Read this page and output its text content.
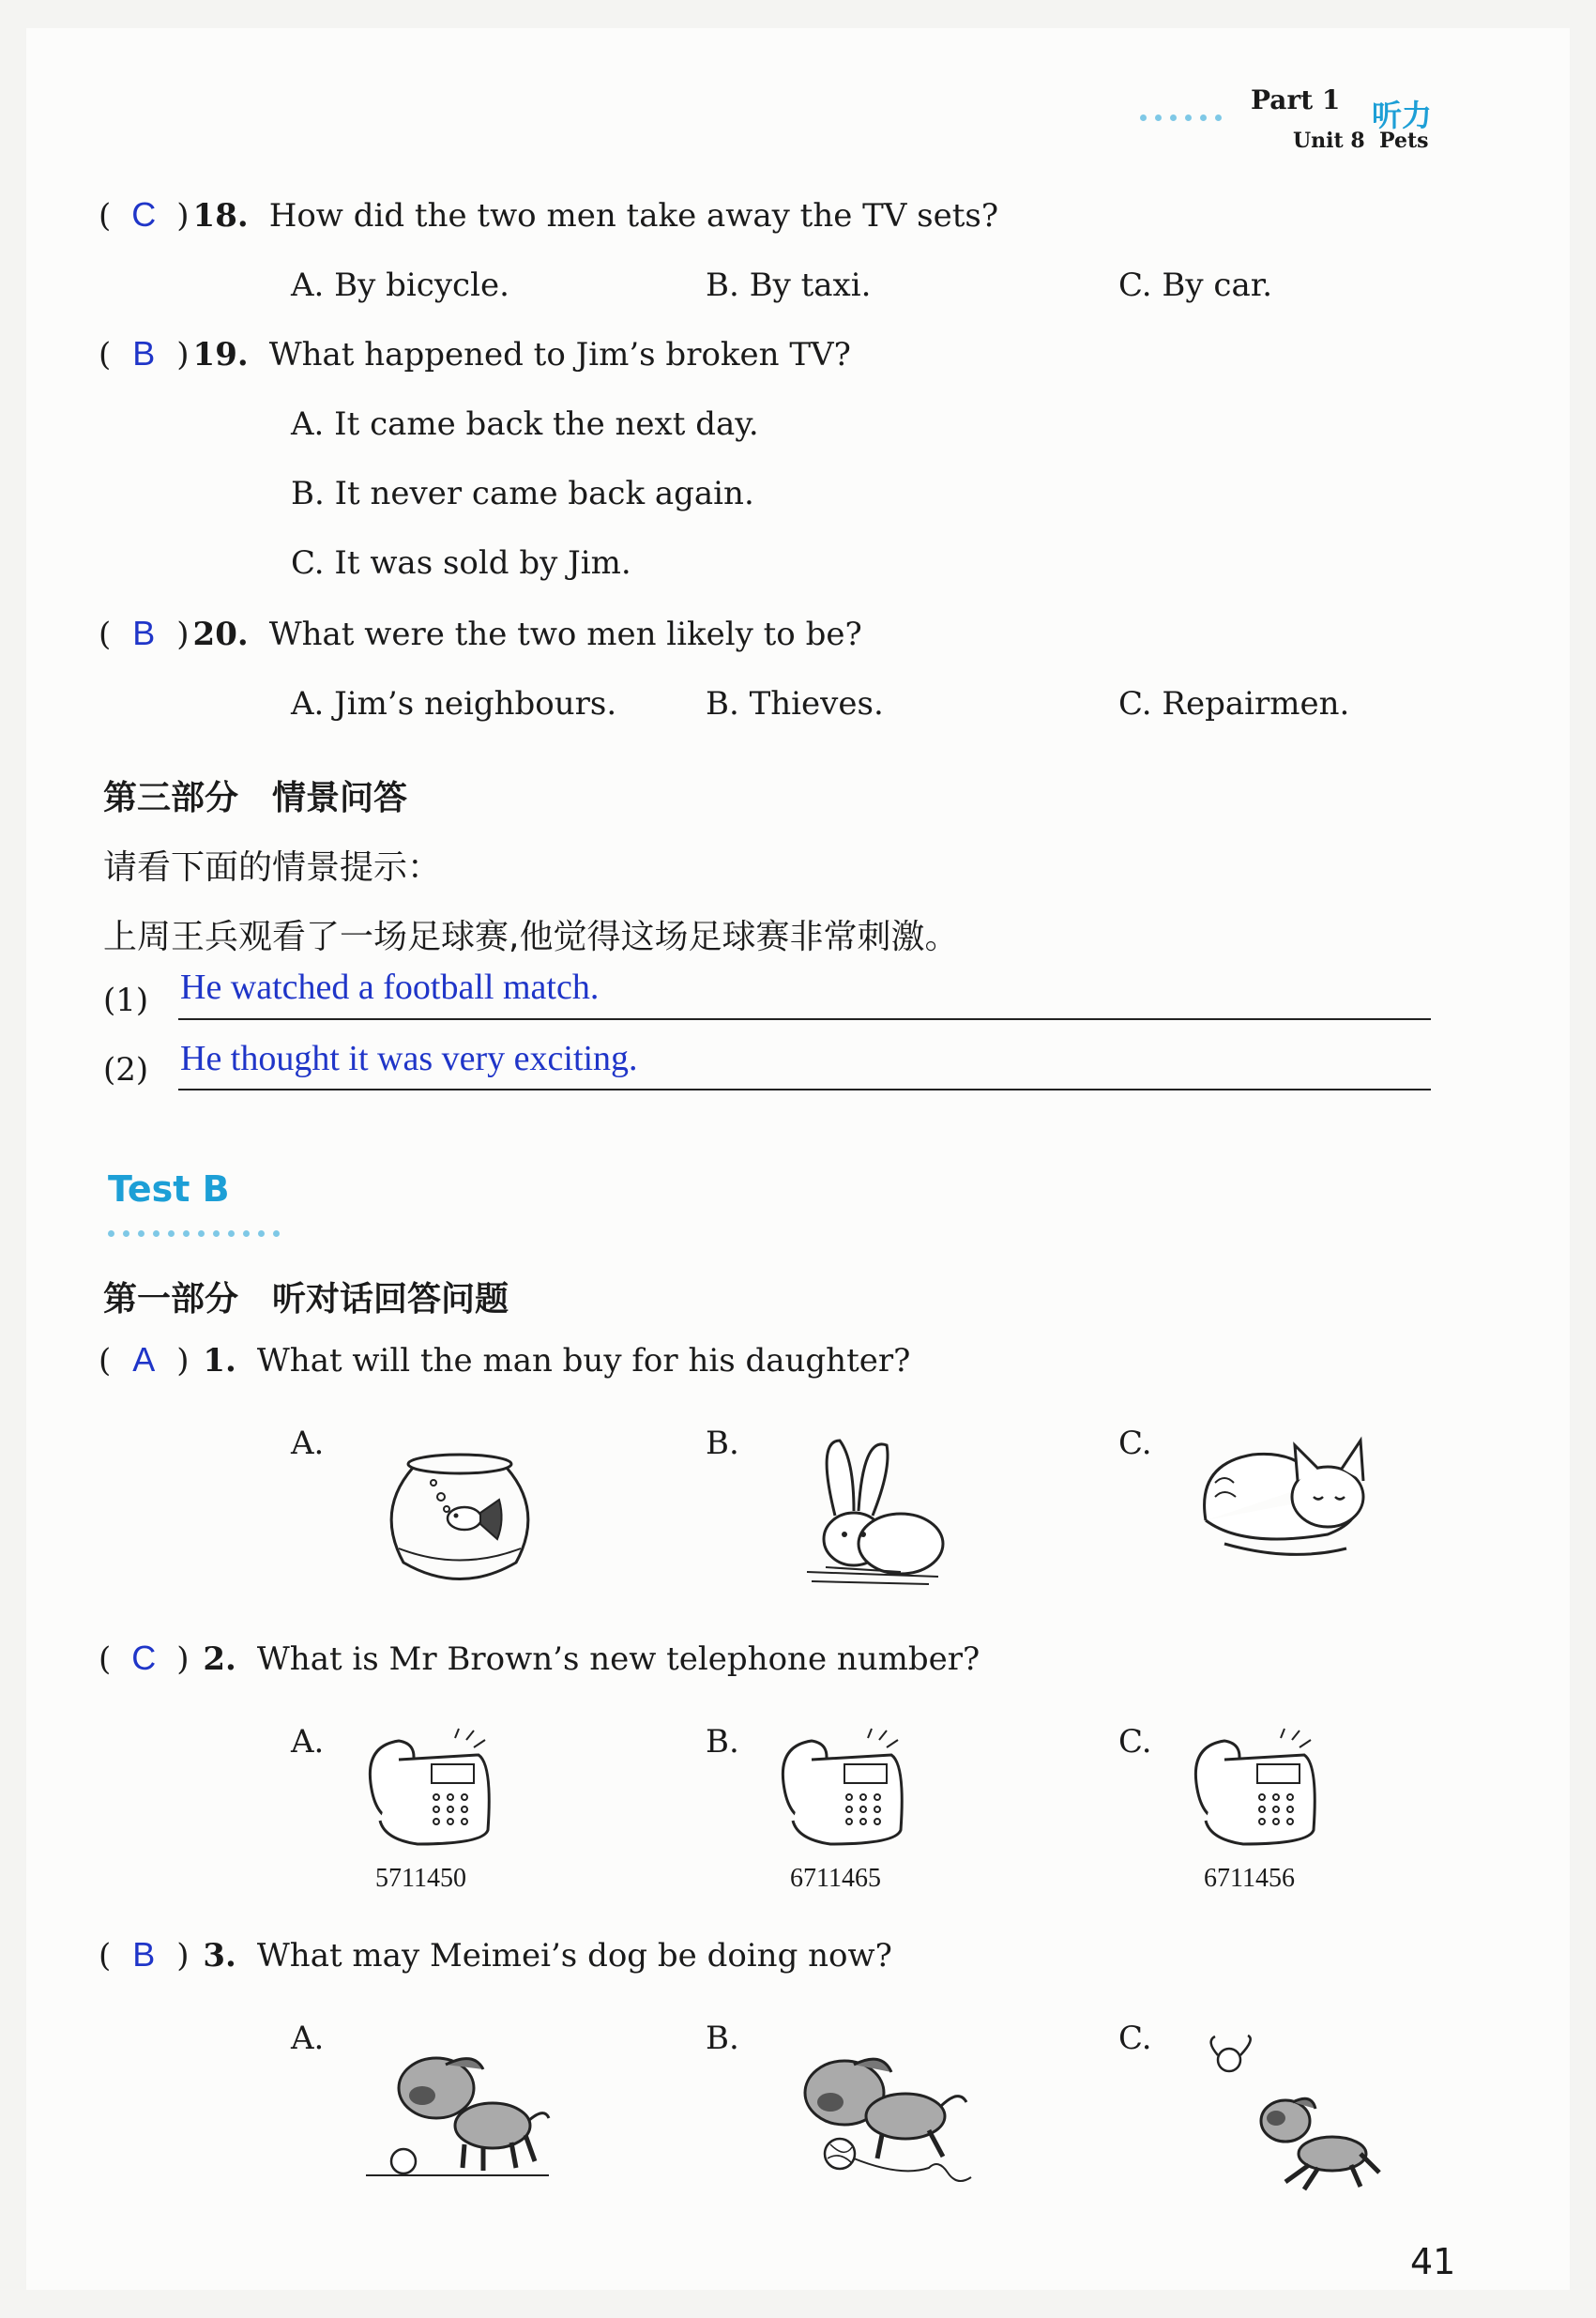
Part 1 听力
Unit 8 Pets
( C ) 18. How did the two men take away the TV sets?
A. By bicycle.	B. By taxi.	C. By car.
( B ) 19. What happened to Jim’s broken TV?
A. It came back the next day.
B. It never came back again.
C. It was sold by Jim.
( B ) 20. What were the two men likely to be?
A. Jim’s neighbours.	B. Thieves.	C. Repairmen.
第三部分　情景问答
请看下面的情景提示：
上周王兵观看了一场足球赛,他觉得这场足球赛非常刺激。
(1) He watched a football match.
(2) He thought it was very exciting.
Test B
第一部分　听对话回答问题
( A ) 1. What will the man buy for his daughter?
A.	B.	C.
( C ) 2. What is Mr Brown’s new telephone number?
A.	B.	C.
5711450	6711465	6711456
( B ) 3. What may Meimei’s dog be doing now?
A.	B.	C.
41
